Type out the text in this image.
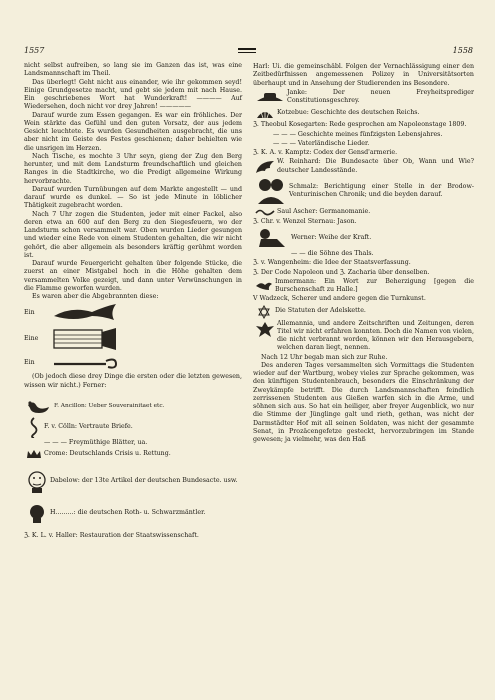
1557	1558

nicht selbst aufreiben, so lang sie im Ganzen das ist, was eine Landsmannschaft im Theil.

Das überlegt! Geht nicht aus einander, wie ihr gekommen seyd! Einige Grundgesetze macht, und gebt sie jedem mit nach Hause. Ein geschriebenes Wort hat Wunderkraft! ———— Auf Wiedersehen, doch nicht vor drey Jahren! —————

Darauf wurde zum Essen gegangen. Es war ein fröhliches. Der Wein stärkte das Gefühl und den guten Vorsatz, der aus jedem Gesicht leuchtete. Es wurden Gesundheiten ausgebracht, die uns aber nicht im Geiste des Festes geschienen; daher behielten wie die unsrigen im Herzen.

Nach Tische, es mochte 3 Uhr seyn, gieng der Zug den Berg herunter, und mit dem Landsturm freundschaftlich und gleichen Ranges in die Stadtkirche, wo die Predigt allgemeine Wirkung hervorbrachte.

Darauf wurden Turnübungen auf dem Markte angestellt — und darauf wurde es dunkel. — So ist jede Minute in löblicher Thätigkeit zugebracht worden.

Nach 7 Uhr zogen die Studenten, jeder mit einer Fackel, also deren etwa an 600 auf den Berg zu den Siegesfeuern, wo der Landsturm schon versammelt war. Oben wurden Lieder gesungen und wieder eine Rede von einem Studenten gehalten, die wir nicht gehört, die aber allgemein als besonders kräftig gerühmt worden ist.

Darauf wurde Feuergericht gehalten über folgende Stücke, die zuerst an einer Mistgabel hoch in die Höhe gehalten dem versammelten Volke gezeigt, und dann unter Verwünschungen in die Flamme geworfen wurden.

Es waren aber die Abgebrannten diese:

Ein
Eine
Ein

(Ob jedoch diese drey Dinge die ersten oder die letzten gewesen, wissen wir nicht.) Ferner:

F. Ancillon: Ueber Souverainitaet etc.
F. v. Cölln: Vertraute Briefe.
— — — Freymüthige Blätter, ua.
Crome: Deutschlands Crisis u. Rettung.
Dabelow: der 13te Artikel der deutschen Bundesacte. usw.
H.........: die deutschen Roth- u. Schwarzmäntler.
ℨ. K. L. v. Haller: Restauration der Staatswissenschaft.
Harl: Ui. die gemeinschäbl. Folgen der Vernachlässigung einer den Zeitbedürfnissen angemessenen Polizey in Universitätsorten überhaupt und in Ansehung der Studierenden ins Besondere.
Janke: Der neuen Freyheitsprediger Constitutionsgeschrey.
Kotzebue: Geschichte des deutschen Reichs.
ℨ. Theobul Kosegarten: Rede gesprochen am Napoleonstage 1809.
— — — Geschichte meines fünfzigsten Lebensjahres.
— — — Vaterländische Lieder.
ℨ. K. A. v. Kamptz: Codex der Gensd'armerie.
W. Reinhard: Die Bundesacte über Ob, Wann und Wie? deutscher Landesstände.
Schmalz: Berichtigung einer Stelle in der Brodow-Venturinischen Chronik; und die beyden darauf.
Saul Ascher: Germanomanie.
ℨ. Chr. v. Wenzel Sternau: Jason.
Werner: Weihe der Kraft.
— — die Söhne des Thals.
ℨ. v. Wangenheim: die Idee der Staatsverfassung.
ℨ. Der Code Napoleon und ℨ. Zacharia über denselben.
Immermann: Ein Wort zur Beherzigung [gegen die Burschenschaft zu Halle.]
V Wadzeck, Scherer und andere gegen die Turnkunst.
Die Statuten der Adelskette.
Allemannia, und andere Zeitschriften und Zeitungen, deren Titel wir nicht erfahren konnten. Doch die Namen von vielen, die nicht verbrannt worden, können wir den Herausgebern, welchen daran liegt, nennen.

Nach 12 Uhr begab man sich zur Ruhe.

Des anderen Tages versammelten sich Vormittags die Studenten wieder auf der Wartburg, wobey vieles zur Sprache gekommen, was den künftigen Studentenbrauch, besonders die Einschränkung der Zweykämpfe betrifft. Die durch Landsmannschaften feindlich zerrissenen Studenten aus Gießen warfen sich in die Arme, und söhnen sich aus. So hat ein heiliger, aber freyer Augenblick, wo nur die Stimme der Jünglinge galt und rieth, gethan, was nicht der Darmstädter Hof mit all seinen Soldaten, was nicht der gesammte Senat, in Prozäcengefetze gesteckt, hervorzubringen im Stande gewesen; ja vielmehr, was den Haß
